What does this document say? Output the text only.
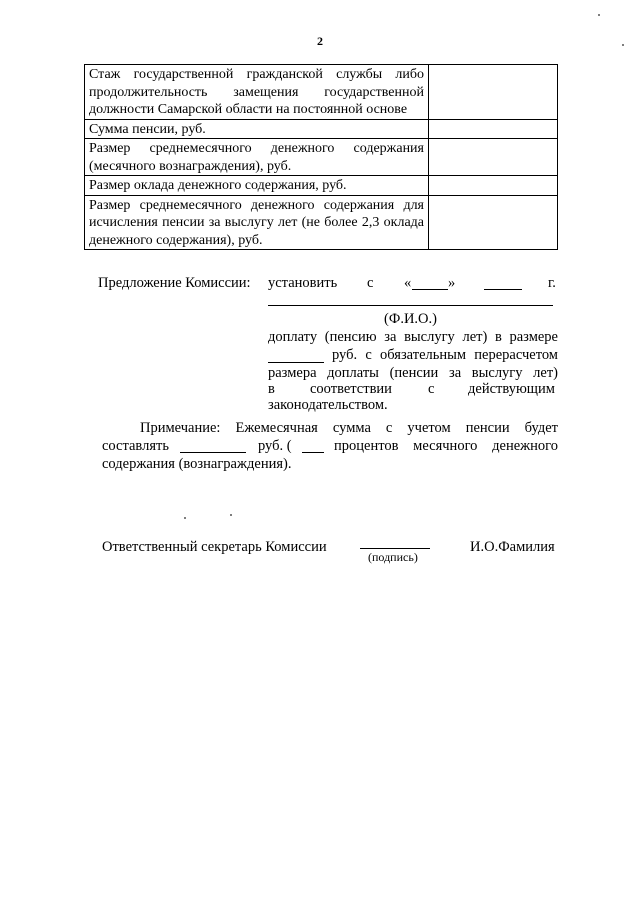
2
Стаж государственной гражданской службы либо продолжительность замещения государственной должности Самарской области на постоянной основе	
Сумма пенсии, руб.	
Размер среднемесячного денежного содержания (месячного вознаграждения), руб.	
Размер оклада денежного содержания, руб.	
Размер среднемесячного денежного содержания для исчисления пенсии за выслугу лет (не более 2,3 оклада денежного содержания), руб.	
Предложение Комиссии: установить с «	»	г.
(Ф.И.О.)
доплату (пенсию за выслугу лет) в размере
руб. с обязательным перерасчетом
размера доплаты (пенсии за выслугу лет)
в соответствии с действующим
законодательством.
Примечание: Ежемесячная сумма с учетом пенсии будет
составлять	руб. (	процентов месячного денежного
содержания (вознаграждения).
Ответственный секретарь Комиссии
(подпись)
И.О.Фамилия
